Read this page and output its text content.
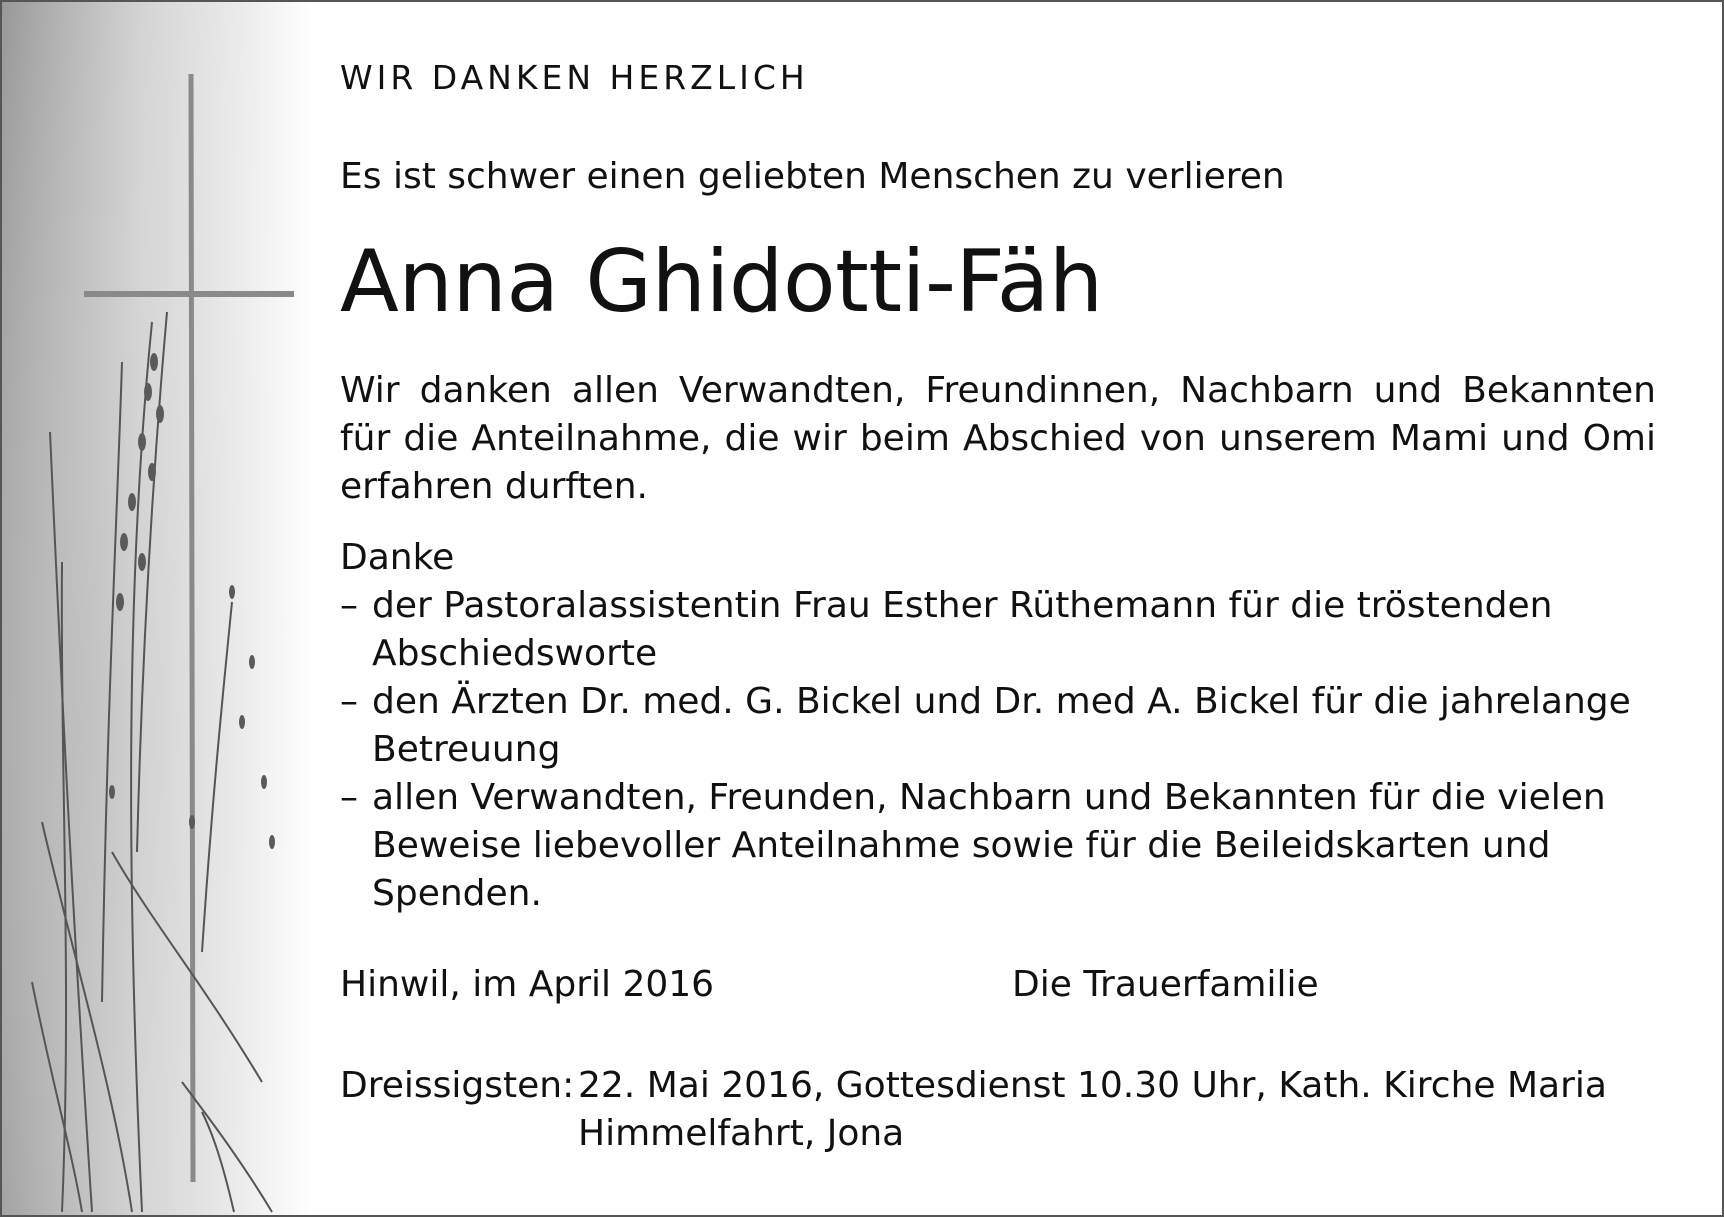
WIR DANKEN HERZLICH
Es ist schwer einen geliebten Menschen zu verlieren
Anna Ghidotti-Fäh
Wir danken allen Verwandten, Freundinnen, Nachbarn und Bekannten
für die Anteilnahme, die wir beim Abschied von unserem Mami und Omi
erfahren durften.
Danke
– der Pastoralassistentin Frau Esther Rüthemann für die tröstenden Abschiedsworte
– den Ärzten Dr. med. G. Bickel und Dr. med A. Bickel für die jahrelange Betreuung
– allen Verwandten, Freunden, Nachbarn und Bekannten für die vielen Beweise liebevoller Anteilnahme sowie für die Beileidskarten und Spenden.
Hinwil, im April 2016	Die Trauerfamilie
Dreissigsten: 22. Mai 2016, Gottesdienst 10.30 Uhr, Kath. Kirche Maria Himmelfahrt, Jona
